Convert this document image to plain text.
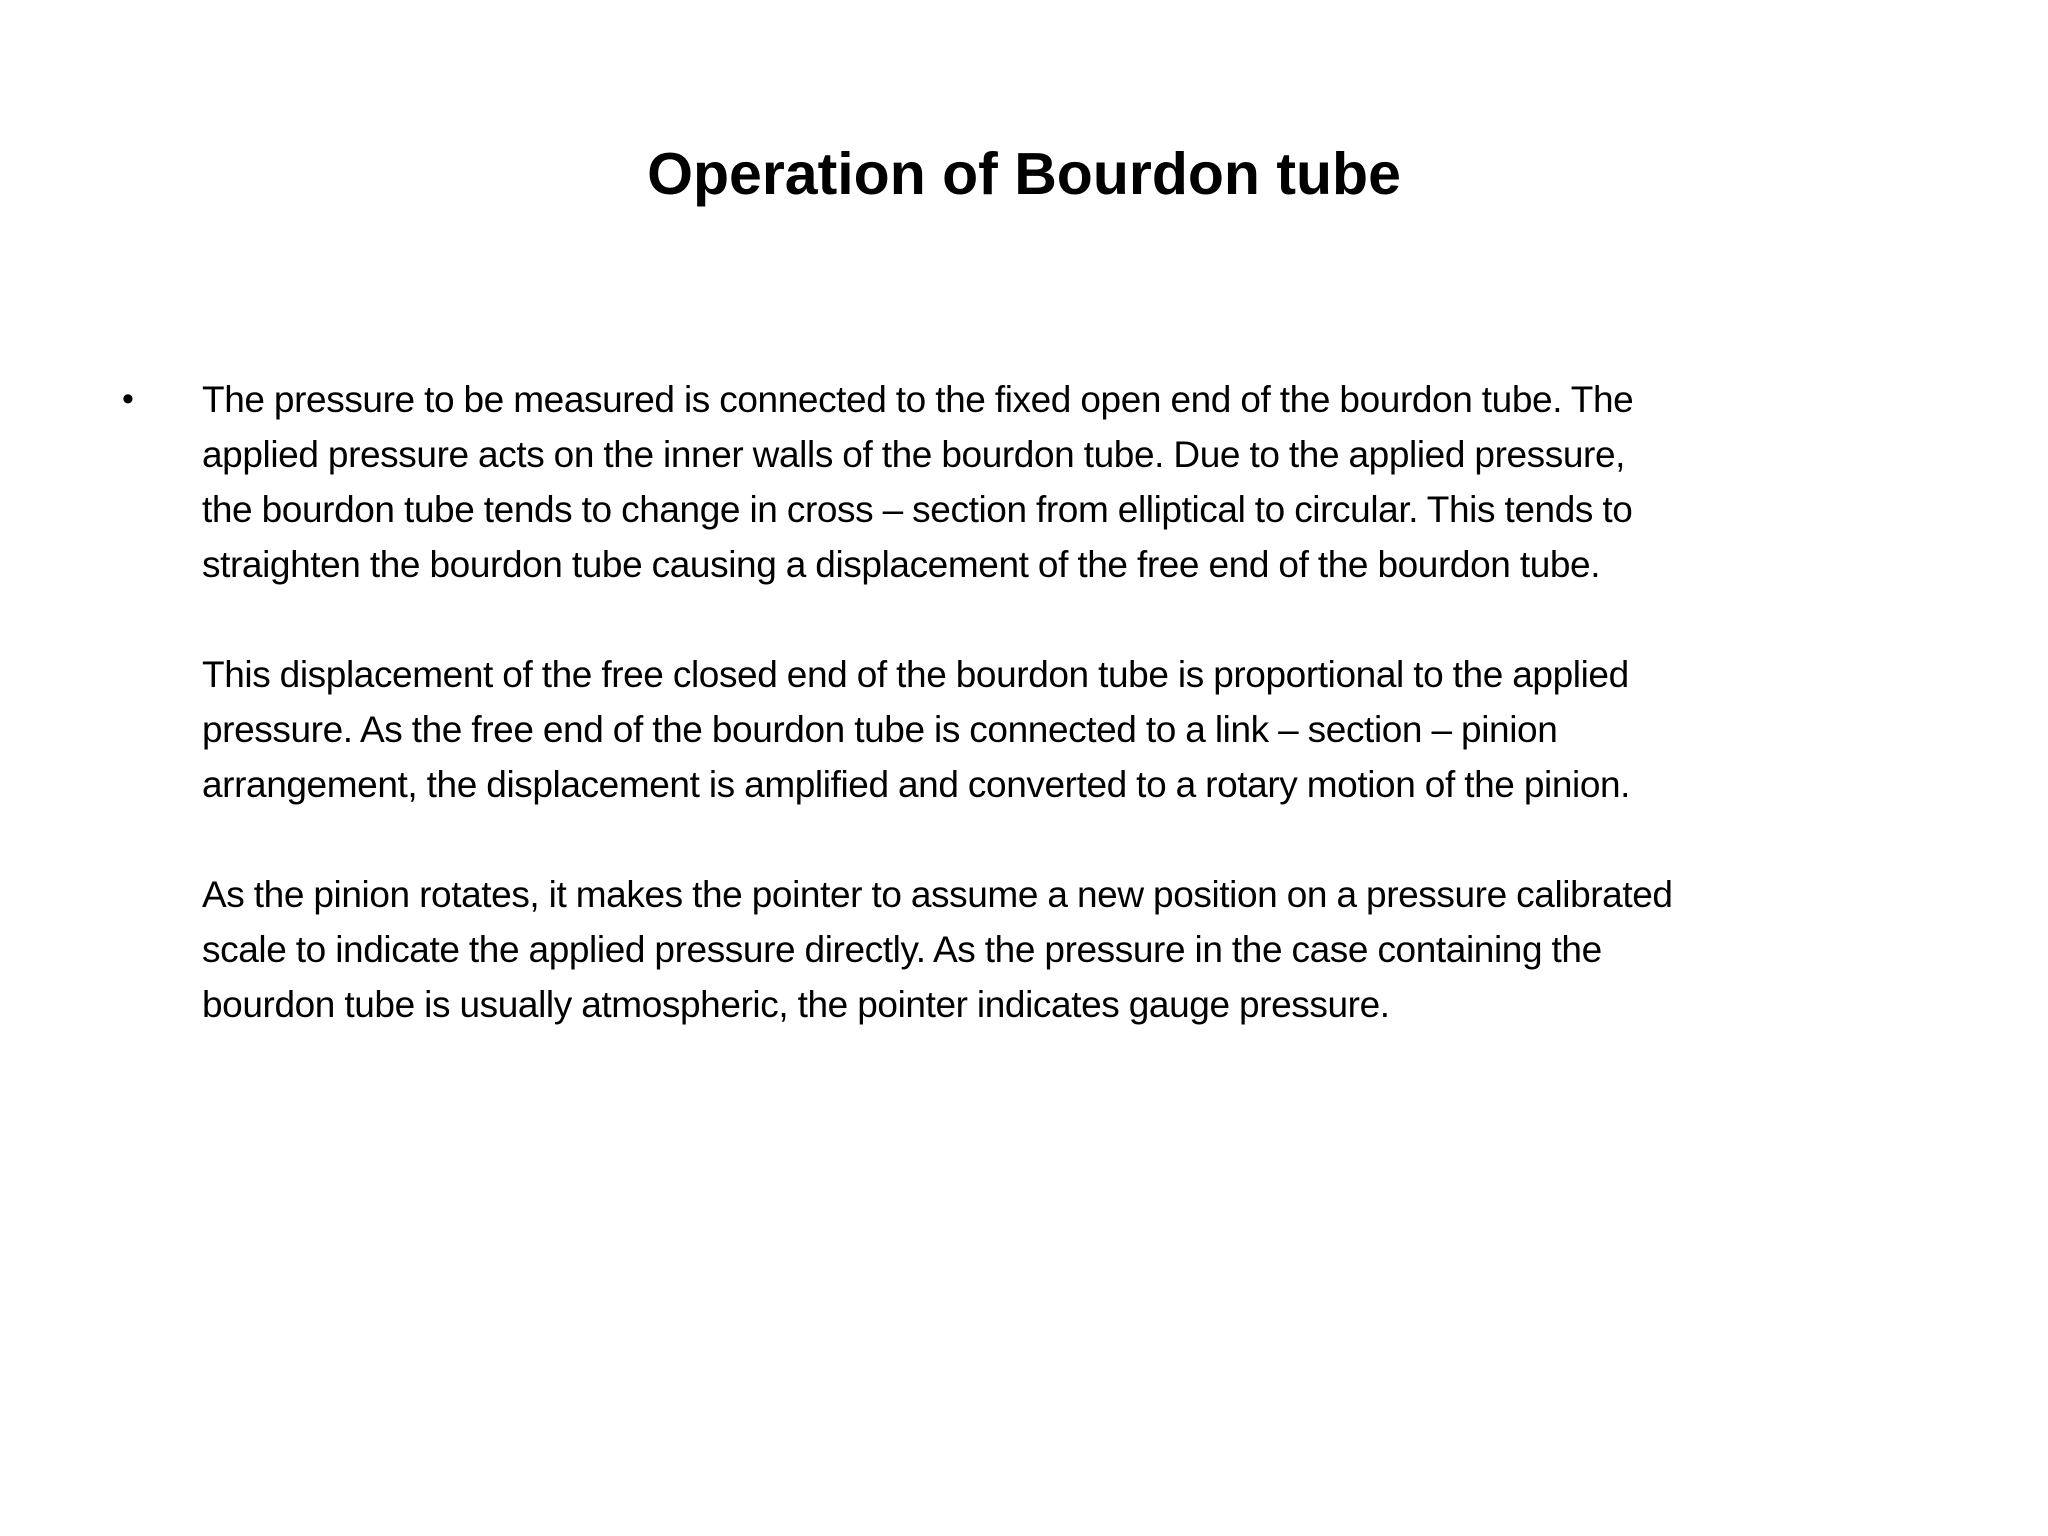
Operation of Bourdon tube
• The pressure to be measured is connected to the fixed open end of the bourdon tube. The
applied pressure acts on the inner walls of the bourdon tube. Due to the applied pressure,
the bourdon tube tends to change in cross – section from elliptical to circular. This tends to
straighten the bourdon tube causing a displacement of the free end of the bourdon tube.

This displacement of the free closed end of the bourdon tube is proportional to the applied
pressure. As the free end of the bourdon tube is connected to a link – section – pinion
arrangement, the displacement is amplified and converted to a rotary motion of the pinion.

As the pinion rotates, it makes the pointer to assume a new position on a pressure calibrated
scale to indicate the applied pressure directly. As the pressure in the case containing the
bourdon tube is usually atmospheric, the pointer indicates gauge pressure.
